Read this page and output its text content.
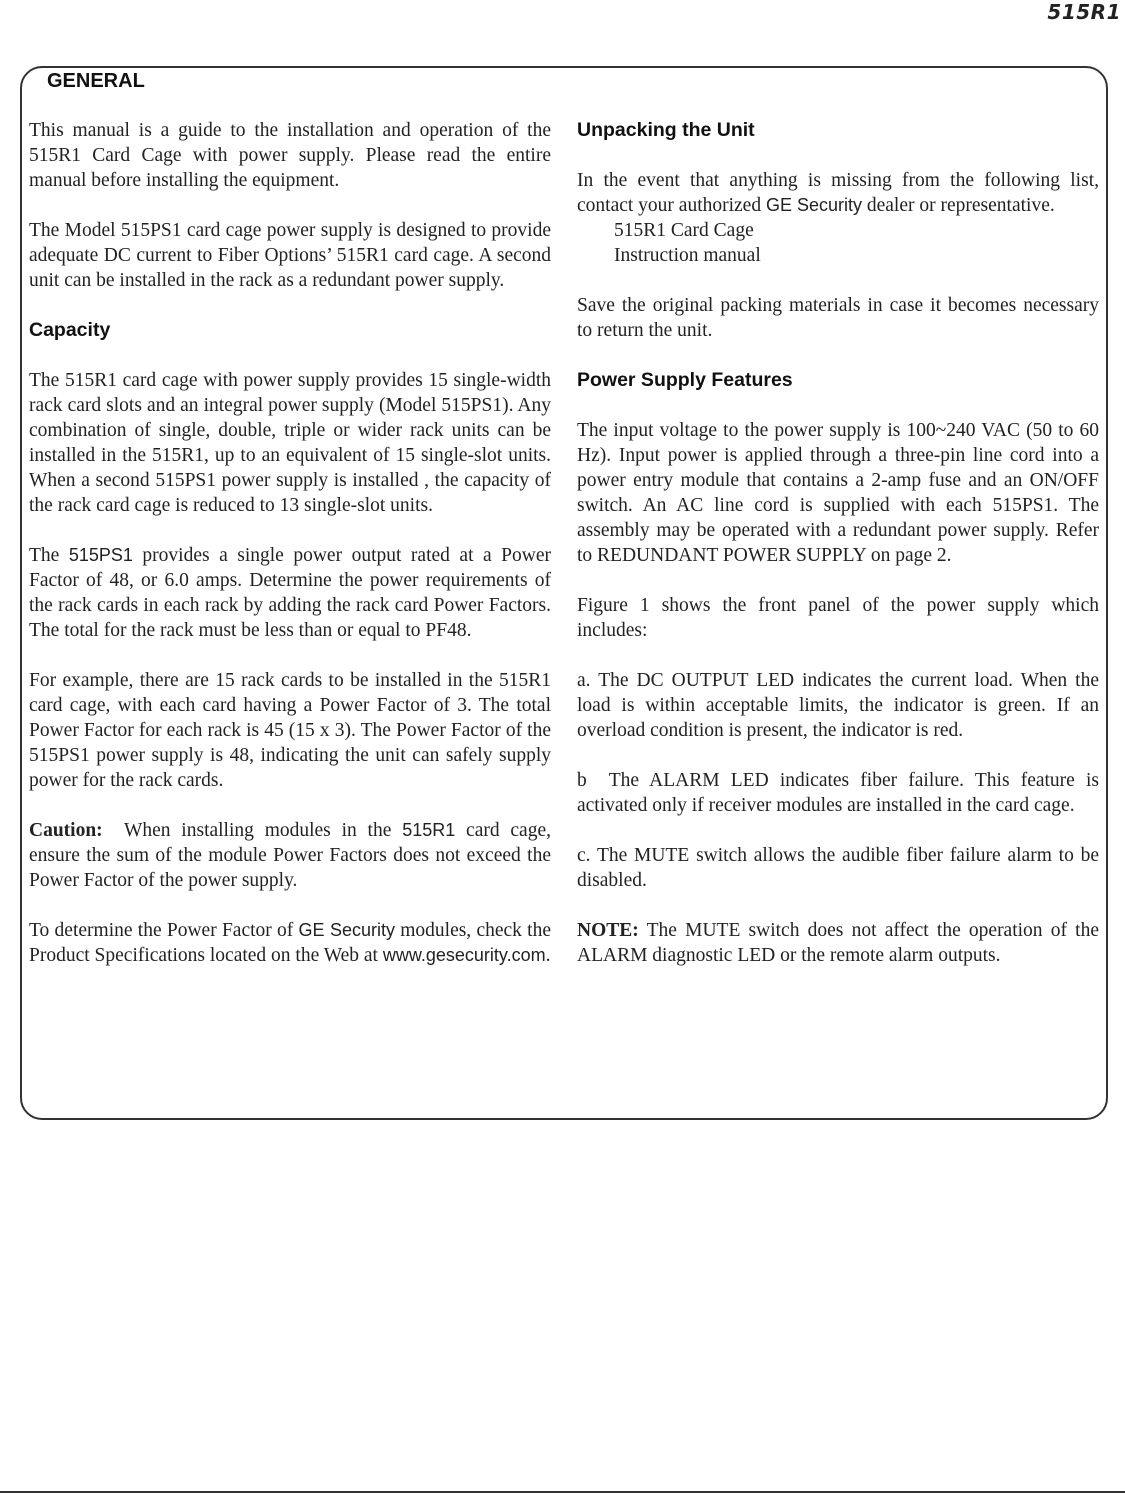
515R1
GENERAL

This manual is a guide to the installation and operation of the 515R1 Card Cage with power supply. Please read the entire manual before installing the equipment.

The Model 515PS1 card cage power supply is designed to provide adequate DC current to Fiber Options’ 515R1 card cage. A second unit can be installed in the rack as a redundant power supply.

Capacity

The 515R1 card cage with power supply provides 15 single-width rack card slots and an integral power supply (Model 515PS1). Any combination of single, double, triple or wider rack units can be installed in the 515R1, up to an equivalent of 15 single-slot units. When a second 515PS1 power supply is installed , the capacity of the rack card cage is reduced to 13 single-slot units.

The 515PS1 provides a single power output rated at a Power Factor of 48, or 6.0 amps. Determine the power requirements of the rack cards in each rack by adding the rack card Power Factors. The total for the rack must be less than or equal to PF48.

For example, there are 15 rack cards to be installed in the 515R1 card cage, with each card having a Power Factor of 3. The total Power Factor for each rack is 45 (15 x 3). The Power Factor of the 515PS1 power supply is 48, indicating the unit can safely supply power for the rack cards.

Caution:  When installing modules in the 515R1 card cage, ensure the sum of the module Power Factors does not exceed the Power Factor of the power supply.

To determine the Power Factor of GE Security modules, check the Product Specifications located on the Web at www.gesecurity.com.

Unpacking the Unit

In the event that anything is missing from the following list, contact your authorized GE Security dealer or representative.

515R1 Card Cage
Instruction manual

Save the original packing materials in case it becomes necessary to return the unit.

Power Supply Features

The input voltage to the power supply is 100~240 VAC (50 to 60 Hz). Input power is applied through a three-pin line cord into a power entry module that contains a 2-amp fuse and an ON/OFF switch. An AC line cord is supplied with each 515PS1. The assembly may be operated with a redundant power supply. Refer to REDUNDANT POWER SUPPLY on page 2.

Figure 1 shows the front panel of the power supply which includes:

a. The DC OUTPUT LED indicates the current load. When the load is within acceptable limits, the indicator is green. If an overload condition is present, the indicator is red.

b  The ALARM LED indicates fiber failure. This feature is activated only if receiver modules are installed in the card cage.

c. The MUTE switch allows the audible fiber failure alarm to be disabled.

NOTE: The MUTE switch does not affect the operation of the ALARM diagnostic LED or the remote alarm outputs.
